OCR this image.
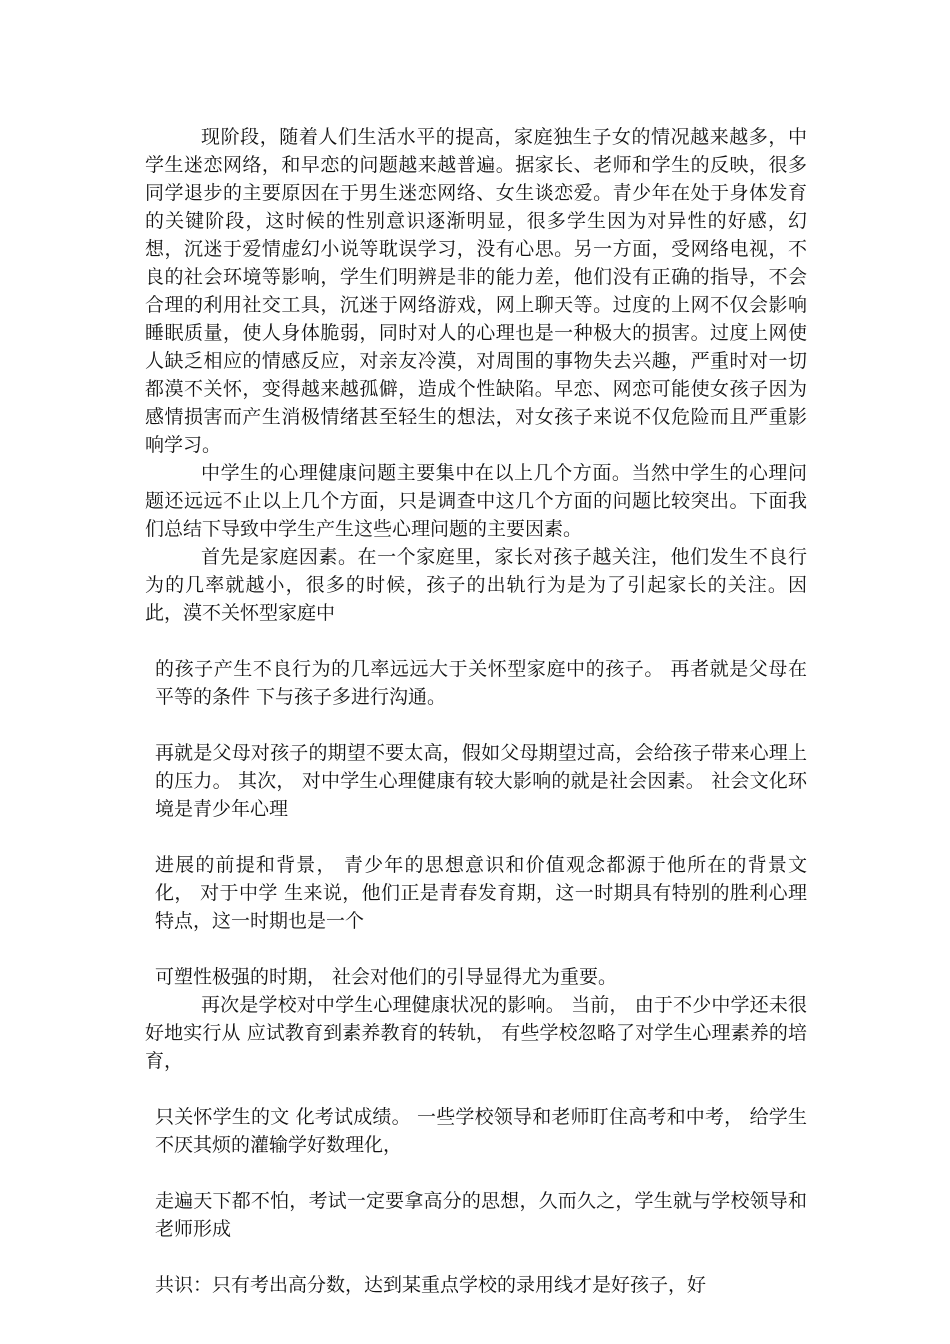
现阶段，随着人们生活水平的提高，家庭独生子女的情况越来越多，中学生迷恋网络，和早恋的问题越来越普遍。据家长、老师和学生的反映，很多同学退步的主要原因在于男生迷恋网络、女生谈恋爱。青少年在处于身体发育的关键阶段，这时候的性别意识逐渐明显，很多学生因为对异性的好感，幻想，沉迷于爱情虚幻小说等耽误学习，没有心思。另一方面，受网络电视，不良的社会环境等影响，学生们明辨是非的能力差，他们没有正确的指导，不会合理的利用社交工具，沉迷于网络游戏，网上聊天等。过度的上网不仅会影响睡眠质量，使人身体脆弱，同时对人的心理也是一种极大的损害。过度上网使人缺乏相应的情感反应，对亲友冷漠，对周围的事物失去兴趣，严重时对一切都漠不关怀，变得越来越孤僻，造成个性缺陷。早恋、网恋可能使女孩子因为感情损害而产生消极情绪甚至轻生的想法，对女孩子来说不仅危险而且严重影响学习。

中学生的心理健康问题主要集中在以上几个方面。当然中学生的心理问题还远远不止以上几个方面，只是调查中这几个方面的问题比较突出。下面我们总结下导致中学生产生这些心理问题的主要因素。

首先是家庭因素。在一个家庭里，家长对孩子越关注，他们发生不良行为的几率就越小，很多的时候，孩子的出轨行为是为了引起家长的关注。因此，漠不关怀型家庭中

的孩子产生不良行为的几率远远大于关怀型家庭中的孩子。 再者就是父母在平等的条件 下与孩子多进行沟通。

再就是父母对孩子的期望不要太高，假如父母期望过高，会给孩子带来心理上的压力。 其次， 对中学生心理健康有较大影响的就是社会因素。 社会文化环境是青少年心理

进展的前提和背景， 青少年的思想意识和价值观念都源于他所在的背景文化， 对于中学 生来说，他们正是青春发育期，这一时期具有特别的胜利心理特点，这一时期也是一个

可塑性极强的时期， 社会对他们的引导显得尤为重要。

再次是学校对中学生心理健康状况的影响。 当前， 由于不少中学还未很好地实行从 应试教育到素养教育的转轨， 有些学校忽略了对学生心理素养的培育，

只关怀学生的文 化考试成绩。 一些学校领导和老师盯住高考和中考， 给学生不厌其烦的灌输学好数理化，

走遍天下都不怕，考试一定要拿高分的思想，久而久之，学生就与学校领导和老师形成

共识：只有考出高分数，达到某重点学校的录用线才是好孩子，好
